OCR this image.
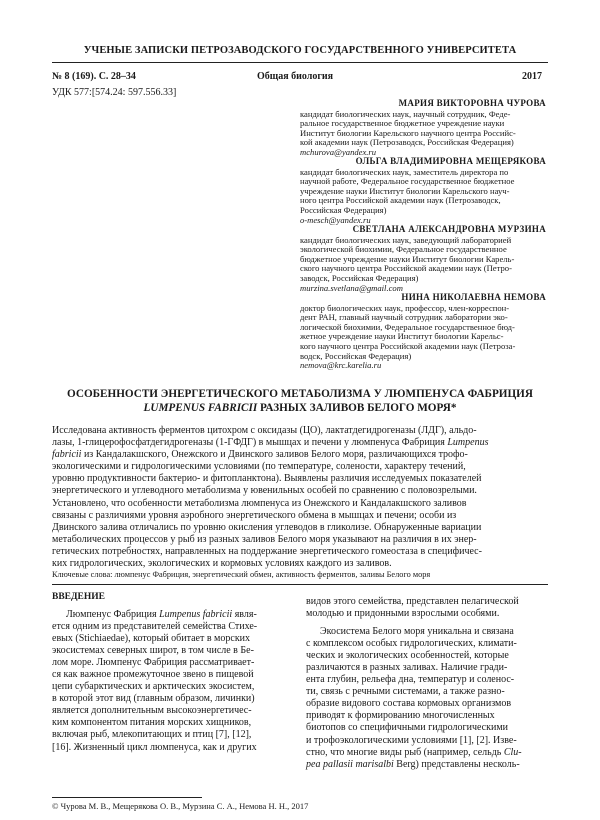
УЧЕНЫЕ ЗАПИСКИ ПЕТРОЗАВОДСКОГО ГОСУДАРСТВЕННОГО УНИВЕРСИТЕТА
№ 8 (169). С. 28–34	Общая биология	2017
УДК 577:[574.24: 597.556.33]
МАРИЯ ВИКТОРОВНА ЧУРОВА
кандидат биологических наук, научный сотрудник, Феде-
ральное государственное бюджетное учреждение науки
Институт биологии Карельского научного центра Российс-
кой академии наук (Петрозаводск, Российская Федерация)
mchurova@yandex.ru
ОЛЬГА ВЛАДИМИРОВНА МЕЩЕРЯКОВА
кандидат биологических наук, заместитель директора по
научной работе, Федеральное государственное бюджетное
учреждение науки Институт биологии Карельского науч-
ного центра Российской академии наук (Петрозаводск,
Российская Федерация)
o-mesch@yandex.ru
СВЕТЛАНА АЛЕКСАНДРОВНА МУРЗИНА
кандидат биологических наук, заведующий лабораторией
экологической биохимии, Федеральное государственное
бюджетное учреждение науки Институт биологии Карель-
ского научного центра Российской академии наук (Петро-
заводск, Российская Федерация)
murzina.svetlana@gmail.com
НИНА НИКОЛАЕВНА НЕМОВА
доктор биологических наук, профессор, член-корреспон-
дент РАН, главный научный сотрудник лаборатории эко-
логической биохимии, Федеральное государственное бюд-
жетное учреждение науки Институт биологии Карельс-
кого научного центра Российской академии наук (Петроза-
водск, Российская Федерация)
nemova@krc.karelia.ru
ОСОБЕННОСТИ ЭНЕРГЕТИЧЕСКОГО МЕТАБОЛИЗМА У ЛЮМПЕНУСА ФАБРИЦИЯ
LUMPENUS FABRICII РАЗНЫХ ЗАЛИВОВ БЕЛОГО МОРЯ*
Исследована активность ферментов цитохром с оксидазы (ЦО), лактатдегидрогеназы (ЛДГ), альдо-
лазы, 1-глицерофосфатдегидрогеназы (1-ГФДГ) в мышцах и печени у люмпенуса Фабриция Lumpenus
fabricii из Кандалакшского, Онежского и Двинского заливов Белого моря, различающихся трофо-
экологическими и гидрологическими условиями (по температуре, солености, характеру течений,
уровню продуктивности бактерио- и фитопланктона). Выявлены различия исследуемых показателей
энергетического и углеводного метаболизма у ювенильных особей по сравнению с половозрелыми.
Установлено, что особенности метаболизма люмпенуса из Онежского и Кандалакшского заливов
связаны с различиями уровня аэробного энергетического обмена в мышцах и печени; особи из
Двинского залива отличались по уровню окисления углеводов в гликолизе. Обнаруженные вариации
метаболических процессов у рыб из разных заливов Белого моря указывают на различия в их энер-
гетических потребностях, направленных на поддержание энергетического гомеостаза в специфичес-
ких гидрологических, экологических и кормовых условиях каждого из заливов.
Ключевые слова: люмпенус Фабриция, энергетический обмен, активность ферментов, заливы Белого моря
ВВЕДЕНИЕ
Люмпенус Фабриция Lumpenus fabricii явля-
ется одним из представителей семейства Стихе-
евых (Stichiaedae), который обитает в морских
экосистемах северных широт, в том числе в Бе-
лом море. Люмпенус Фабриция рассматривает-
ся как важное промежуточное звено в пищевой
цепи субарктических и арктических экосистем,
в которой этот вид (главным образом, личинки)
является дополнительным высокоэнергетичес-
ким компонентом питания морских хищников,
включая рыб, млекопитающих и птиц [7], [12],
[16]. Жизненный цикл люмпенуса, как и других
видов этого семейства, представлен пелагической
молодью и придонными взрослыми особями.
Экосистема Белого моря уникальна и связана
с комплексом особых гидрологических, климати-
ческих и экологических особенностей, которые
различаются в разных заливах. Наличие гради-
ента глубин, рельефа дна, температур и соленос-
ти, связь с речными системами, а также разно-
образие видового состава кормовых организмов
приводят к формированию многочисленных
биотопов со специфичными гидрологическими
и трофоэкологическими условиями [1], [2]. Изве-
стно, что многие виды рыб (например, сельдь Clu-
pea pallasii marisalbi Berg) представлены несколь-
© Чурова М. В., Мещерякова О. В., Мурзина С. А., Немова Н. Н., 2017
